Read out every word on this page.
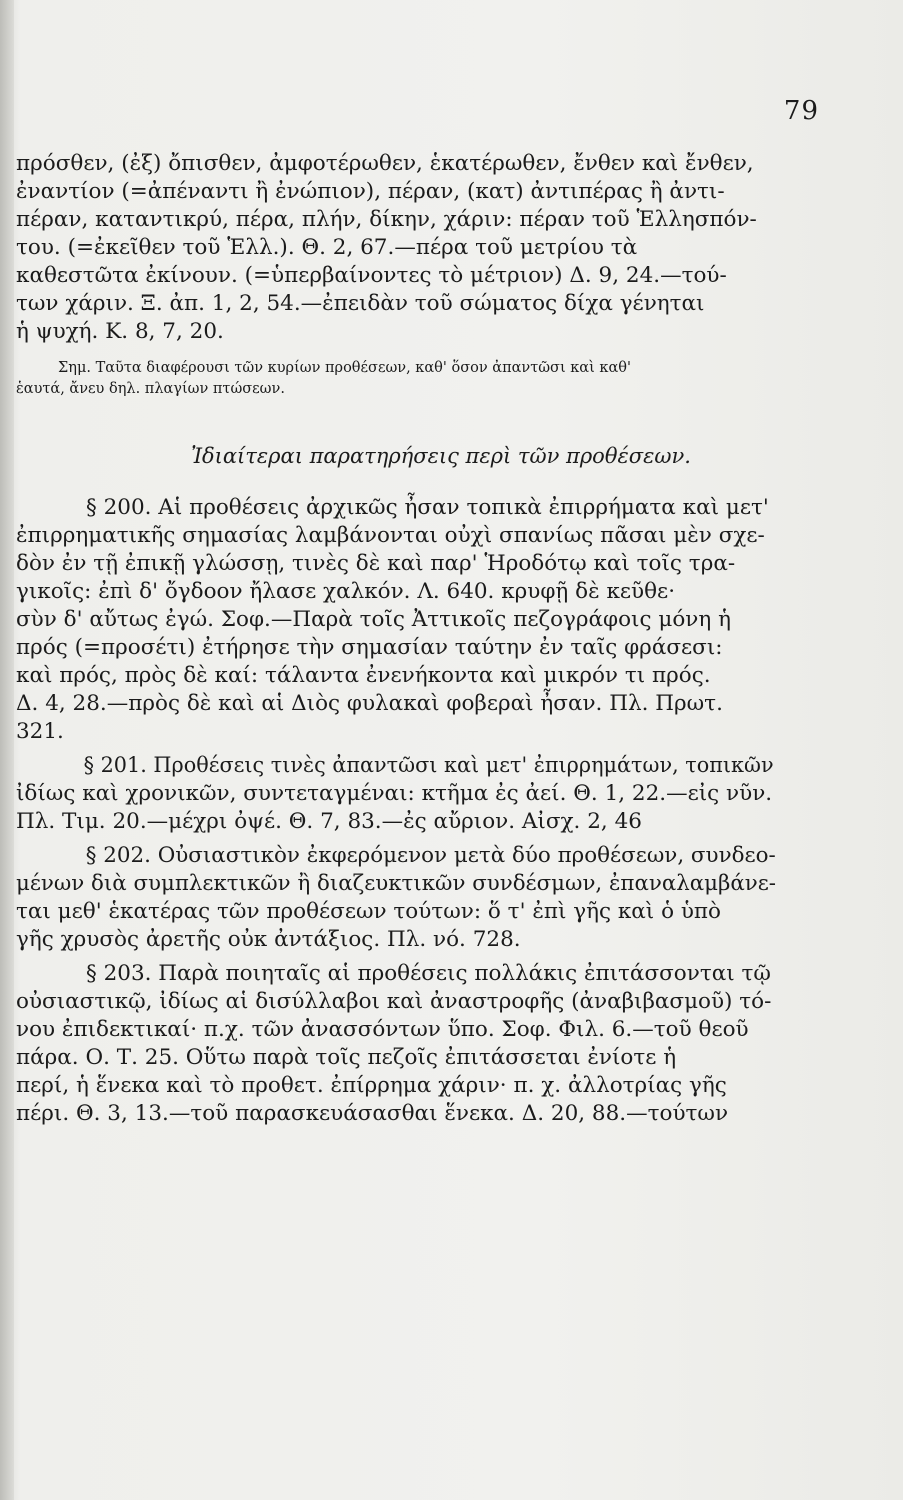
79
πρόσθεν, (ἐξ) ὄπισθεν, ἀμφοτέρωθεν, ἑκατέρωθεν, ἔνθεν καὶ ἔνθεν,
ἐναντίον (=ἀπέναντι ἢ ἐνώπιον), πέραν, (κατ) ἀντιπέρας ἢ ἀντι-
πέραν, καταντικρύ, πέρα, πλήν, δίκην, χάριν: πέραν τοῦ Ἑλλησπόν-
του. (=ἐκεῖθεν τοῦ Ἑλλ.). Θ. 2, 67.—πέρα τοῦ μετρίου τὰ
καθεστῶτα ἐκίνουν. (=ὑπερβαίνοντες τὸ μέτριον) Δ. 9, 24.—τού-
των χάριν. Ξ. ἀπ. 1, 2, 54.—ἐπειδὰν τοῦ σώματος δίχα γένηται
ἡ ψυχή. Κ. 8, 7, 20.
Σημ. Ταῦτα διαφέρουσι τῶν κυρίων προθέσεων, καθ' ὅσον ἀπαντῶσι καὶ καθ'
ἑαυτά, ἄνευ δηλ. πλαγίων πτώσεων.
Ἰδιαίτεραι παρατηρήσεις περὶ τῶν προθέσεων.
§ 200. Αἱ προθέσεις ἀρχικῶς ἦσαν τοπικὰ ἐπιρρήματα καὶ μετ'
ἐπιρρηματικῆς σημασίας λαμβάνονται οὐχὶ σπανίως πᾶσαι μὲν σχε-
δὸν ἐν τῇ ἐπικῇ γλώσσῃ, τινὲς δὲ καὶ παρ' Ἡροδότῳ καὶ τοῖς τρα-
γικοῖς: ἐπὶ δ' ὄγδοον ἤλασε χαλκόν. Λ. 640. κρυφῇ δὲ κεῦθε·
σὺν δ' αὔτως ἐγώ. Σοφ.—Παρὰ τοῖς Ἀττικοῖς πεζογράφοις μόνη ἡ
πρός (=προσέτι) ἐτήρησε τὴν σημασίαν ταύτην ἐν ταῖς φράσεσι:
καὶ πρός, πρὸς δὲ καί: τάλαντα ἐνενήκοντα καὶ μικρόν τι πρός.
Δ. 4, 28.—πρὸς δὲ καὶ αἱ Διὸς φυλακαὶ φοβεραὶ ἦσαν. Πλ. Πρωτ.
321.
§ 201. Προθέσεις τινὲς ἀπαντῶσι καὶ μετ' ἐπιρρημάτων, τοπικῶν
ἰδίως καὶ χρονικῶν, συντεταγμέναι: κτῆμα ἐς ἀεί. Θ. 1, 22.—εἰς νῦν.
Πλ. Τιμ. 20.—μέχρι ὀψέ. Θ. 7, 83.—ἐς αὔριον. Αἰσχ. 2, 46
§ 202. Οὐσιαστικὸν ἐκφερόμενον μετὰ δύο προθέσεων, συνδεο-
μένων διὰ συμπλεκτικῶν ἢ διαζευκτικῶν συνδέσμων, ἐπαναλαμβάνε-
ται μεθ' ἑκατέρας τῶν προθέσεων τούτων: ὅ τ' ἐπὶ γῆς καὶ ὁ ὑπὸ
γῆς χρυσὸς ἀρετῆς οὐκ ἀντάξιος. Πλ. νό. 728.
§ 203. Παρὰ ποιηταῖς αἱ προθέσεις πολλάκις ἐπιτάσσονται τῷ
οὐσιαστικῷ, ἰδίως αἱ δισύλλαβοι καὶ ἀναστροφῆς (ἀναβιβασμοῦ) τό-
νου ἐπιδεκτικαί· π.χ. τῶν ἀνασσόντων ὕπο. Σοφ. Φιλ. 6.—τοῦ θεοῦ
πάρα. Ο. Τ. 25. Οὕτω παρὰ τοῖς πεζοῖς ἐπιτάσσεται ἐνίοτε ἡ
περί, ἡ ἕνεκα καὶ τὸ προθετ. ἐπίρρημα χάριν· π. χ. ἀλλοτρίας γῆς
πέρι. Θ. 3, 13.—τοῦ παρασκευάσασθαι ἕνεκα. Δ. 20, 88.—τούτων
